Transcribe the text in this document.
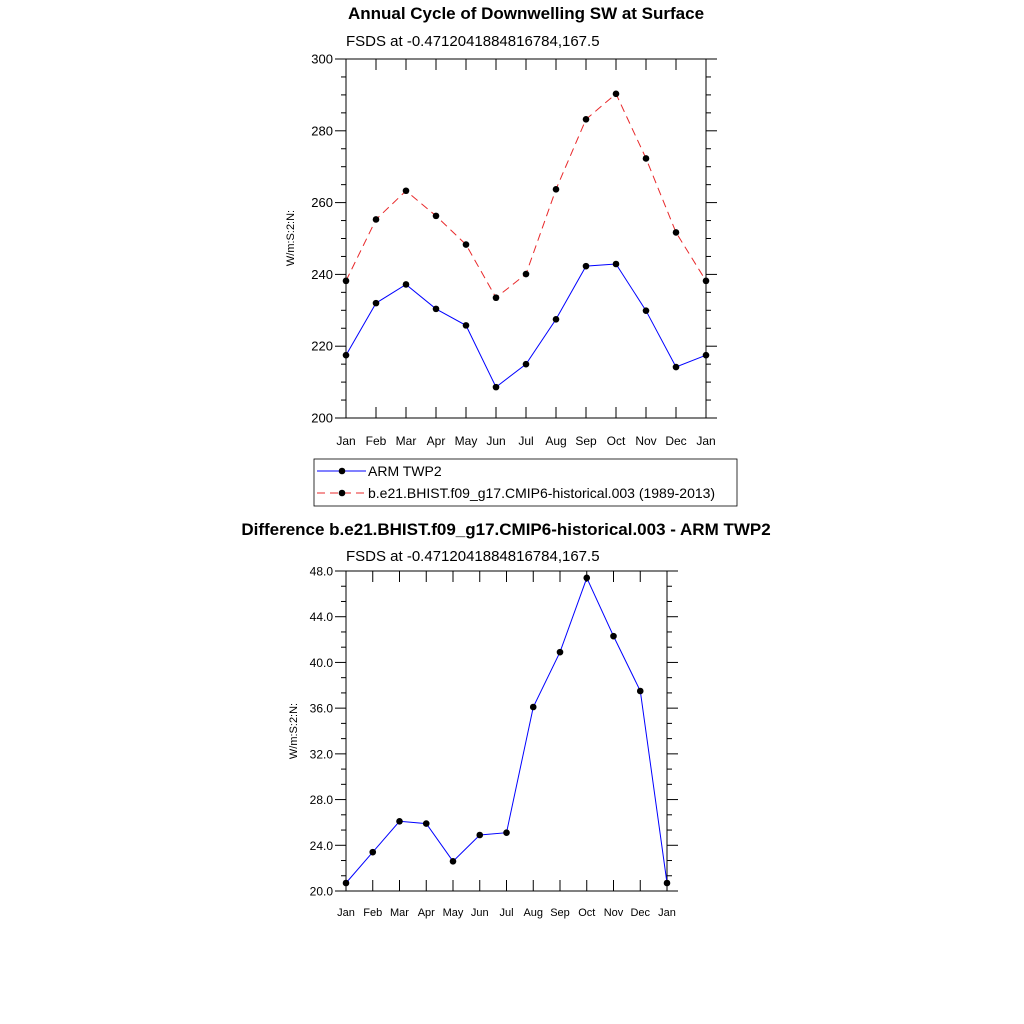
Annual Cycle of Downwelling SW at Surface
FSDS at -0.4712041884816784,167.5
W/m:S:2:N:
Jan Feb Mar Apr May Jun Jul Aug Sep Oct Nov Dec Jan
200
220
240
260
280
300
ARM TWP2
b.e21.BHIST.f09_g17.CMIP6-historical.003 (1989-2013)
Difference b.e21.BHIST.f09_g17.CMIP6-historical.003 - ARM TWP2
FSDS at -0.4712041884816784,167.5
W/m:S:2:N:
Jan Feb Mar Apr May Jun Jul Aug Sep Oct Nov Dec Jan
20.0
24.0
28.0
32.0
36.0
40.0
44.0
48.0
